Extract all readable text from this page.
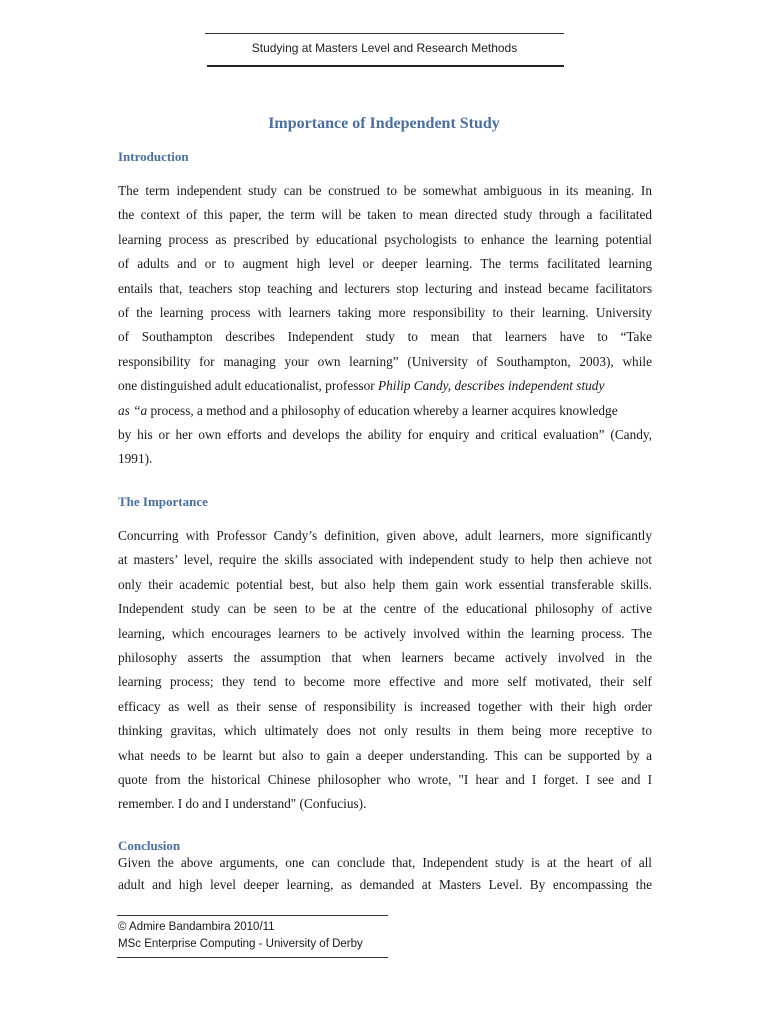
Studying at Masters Level and Research Methods
Importance of Independent Study
Introduction
The term independent study can be construed to be somewhat ambiguous in its meaning. In
the context of this paper, the term will be taken to mean directed study through a facilitated
learning process as prescribed by educational psychologists to enhance the learning potential
of adults and or to augment high level or deeper learning. The terms facilitated learning
entails that, teachers stop teaching and lecturers stop lecturing and instead became facilitators
of the learning process with learners taking more responsibility to their learning. University
of Southampton describes Independent study to mean that learners have to “Take
responsibility for managing your own learning” (University of Southampton, 2003), while
one distinguished adult educationalist, professor Philip Candy, describes independent study
as “a process, a method and a philosophy of education whereby a learner acquires knowledge
by his or her own efforts and develops the ability for enquiry and critical evaluation” (Candy,
1991).
The Importance
Concurring with Professor Candy’s definition, given above, adult learners, more significantly
at masters’ level, require the skills associated with independent study to help then achieve not
only their academic potential best, but also help them gain work essential transferable skills.
Independent study can be seen to be at the centre of the educational philosophy of active
learning, which encourages learners to be actively involved within the learning process. The
philosophy asserts the assumption that when learners became actively involved in the
learning process; they tend to become more effective and more self motivated, their self
efficacy as well as their sense of responsibility is increased together with their high order
thinking gravitas, which ultimately does not only results in them being more receptive to
what needs to be learnt but also to gain a deeper understanding. This can be supported by a
quote from the historical Chinese philosopher who wrote, "I hear and I forget. I see and I
remember. I do and I understand" (Confucius).
Conclusion
Given the above arguments, one can conclude that, Independent study is at the heart of all
adult and high level deeper learning, as demanded at Masters Level. By encompassing the
© Admire Bandambira 2010/11
MSc Enterprise Computing - University of Derby
